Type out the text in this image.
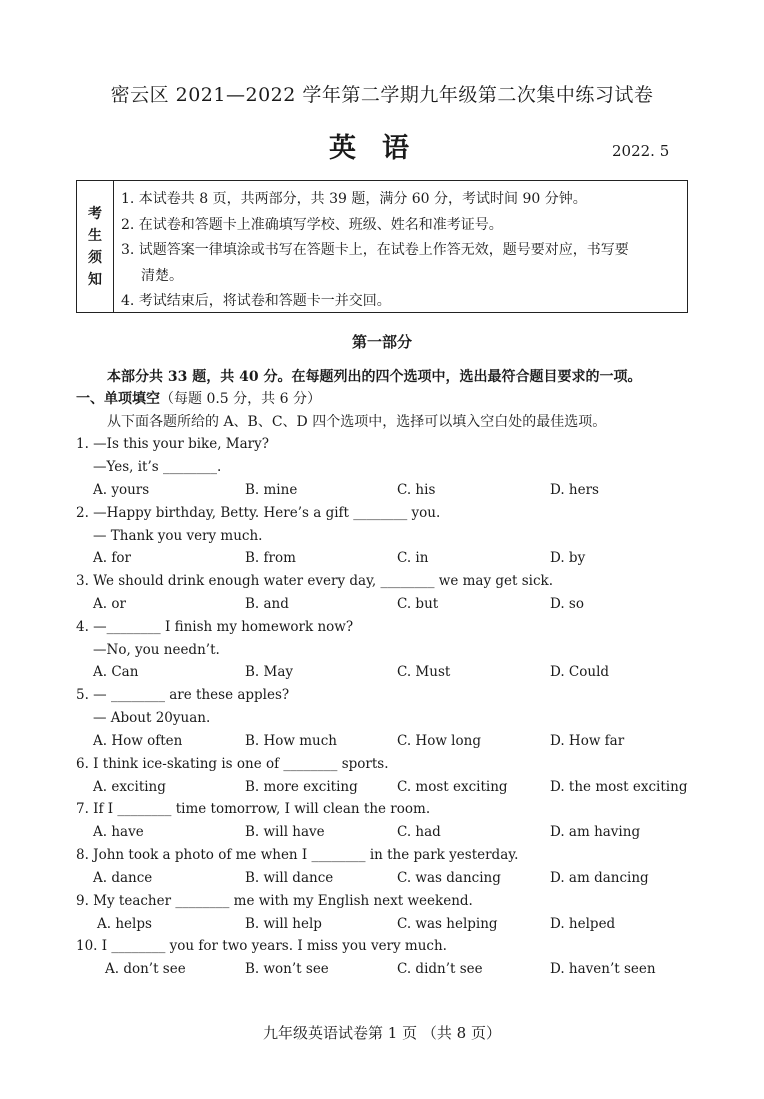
密云区 2021—2022 学年第二学期九年级第二次集中练习试卷
英语	2022. 5
考
生
须
知
1. 本试卷共 8 页，共两部分，共 39 题，满分 60 分，考试时间 90 分钟。
2. 在试卷和答题卡上准确填写学校、班级、姓名和准考证号。
3. 试题答案一律填涂或书写在答题卡上，在试卷上作答无效，题号要对应，书写要
清楚。
4. 考试结束后，将试卷和答题卡一并交回。
第一部分
本部分共 33 题，共 40 分。在每题列出的四个选项中，选出最符合题目要求的一项。
一、单项填空（每题 0.5 分，共 6 分）
从下面各题所给的 A、B、C、D 四个选项中，选择可以填入空白处的最佳选项。
1. —Is this your bike, Mary?
—Yes, it’s ________.
A. yours	B. mine	C. his	D. hers
2. —Happy birthday, Betty. Here’s a gift ________ you.
— Thank you very much.
A. for	B. from	C. in	D. by
3. We should drink enough water every day, ________ we may get sick.
A. or	B. and	C. but	D. so
4. —________ I finish my homework now?
—No, you needn’t.
A. Can	B. May	C. Must	D. Could
5. — ________ are these apples?
— About 20yuan.
A. How often	B. How much	C. How long	D. How far
6. I think ice-skating is one of ________ sports.
A. exciting	B. more exciting	C. most exciting	D. the most exciting
7. If I ________ time tomorrow, I will clean the room.
A. have	B. will have	C. had	D. am having
8. John took a photo of me when I ________ in the park yesterday.
A. dance	B. will dance	C. was dancing	D. am dancing
9. My teacher ________ me with my English next weekend.
A. helps	B. will help	C. was helping	D. helped
10. I ________ you for two years. I miss you very much.
A. don’t see	B. won’t see	C. didn’t see	D. haven’t seen
九年级英语试卷第 1 页 （共 8 页）
